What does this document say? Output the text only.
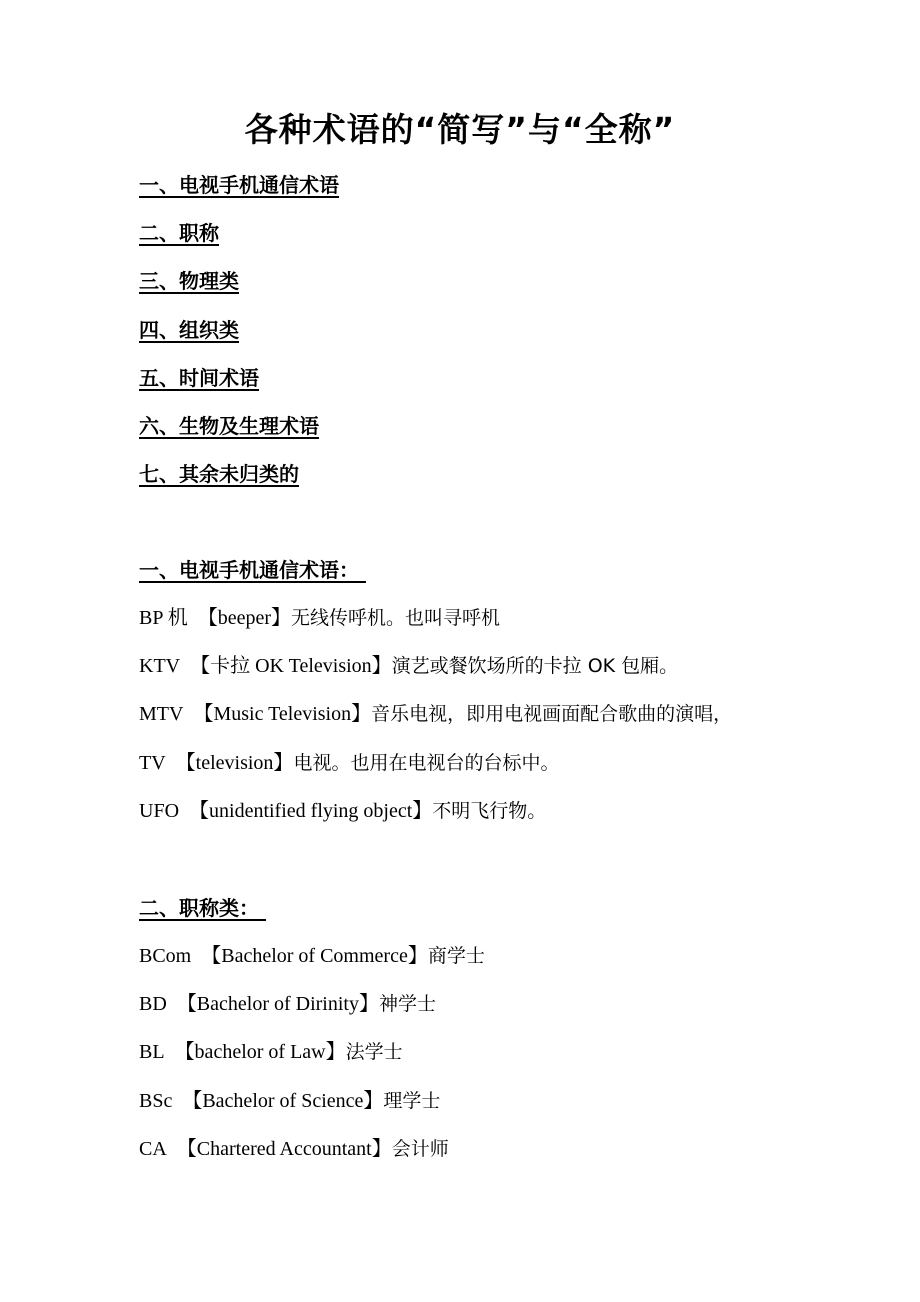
各种术语的“简写”与“全称”
一、电视手机通信术语
二、职称
三、物理类
四、组织类
五、时间术语
六、生物及生理术语
七、其余未归类的
一、电视手机通信术语：
BP 机 【beeper】无线传呼机。也叫寻呼机
KTV 【卡拉 OK Television】演艺或餐饮场所的卡拉 OK 包厢。
MTV 【Music Television】音乐电视，即用电视画面配合歌曲的演唱，
TV 【television】电视。也用在电视台的台标中。
UFO 【unidentified flying object】不明飞行物。
二、职称类：
BCom 【Bachelor of Commerce】商学士
BD 【Bachelor of Dirinity】神学士
BL 【bachelor of Law】法学士
BSc 【Bachelor of Science】理学士
CA 【Chartered Accountant】会计师
